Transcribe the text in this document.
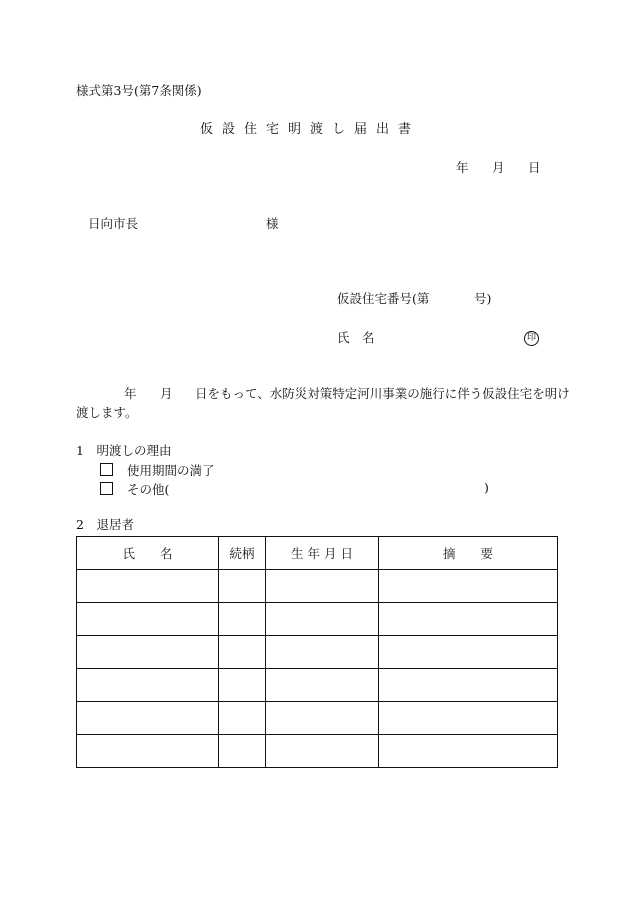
様式第3号(第7条関係)
仮設住宅明渡し届出書
年 月 日
日向市長	様
仮設住宅番号(第	号)
氏　名	印
年 月 日をもって、水防災対策特定河川事業の施行に伴う仮設住宅を明け
渡します。
1　明渡しの理由
使用期間の満了
その他(	)
2　退居者
氏　　名	続柄	生 年 月 日	摘　　要
